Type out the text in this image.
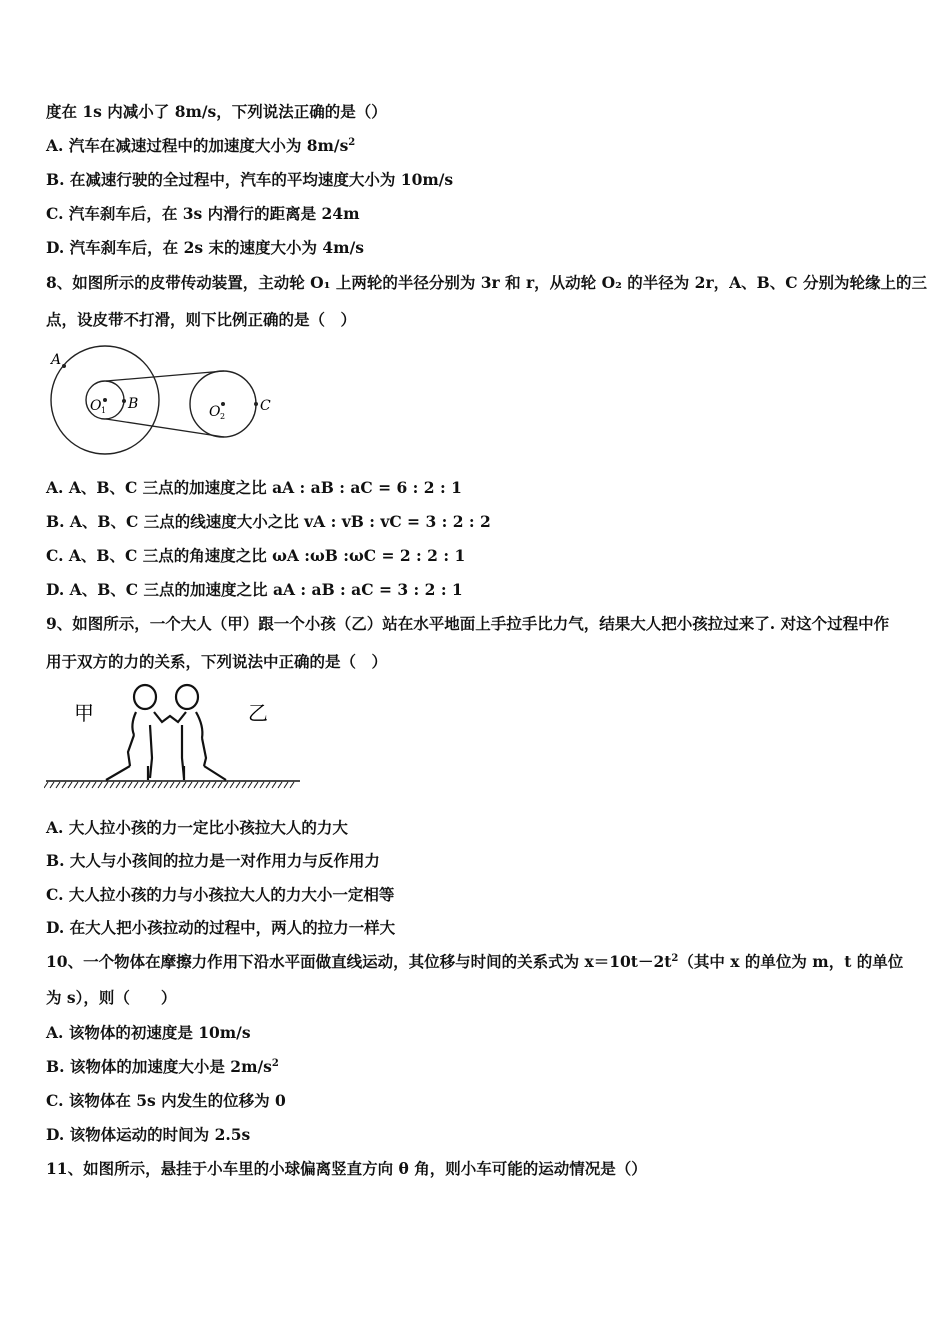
度在 1s 内减小了 8m/s，下列说法正确的是（）
A. 汽车在减速过程中的加速度大小为 $8m/s^2$
B. 在减速行驶的全过程中，汽车的平均速度大小为 10m/s
C. 汽车刹车后，在 3s 内滑行的距离是 24m
D. 汽车刹车后，在 2s 末的速度大小为 4m/s
8、如图所示的皮带传动装置，主动轮 O₁ 上两轮的半径分别为 3r 和 r，从动轮 O₂ 的半径为 2r，A、B、C 分别为轮缘上的三
点，设皮带不打滑，则下比例正确的是（　）
A
B	C
O 1	O 2
A. A、B、C 三点的加速度之比 aA : aB : aC = 6 : 2 : 1
B. A、B、C 三点的线速度大小之比 vA : vB : vC = 3 : 2 : 2
C. A、B、C 三点的角速度之比 ωA :ωB :ωC = 2 : 2 : 1
D. A、B、C 三点的加速度之比 aA : aB : aC = 3 : 2 : 1
9、如图所示，一个大人（甲）跟一个小孩（乙）站在水平地面上手拉手比力气，结果大人把小孩拉过来了. 对这个过程中作
用于双方的力的关系，下列说法中正确的是（　）
甲	乙
A. 大人拉小孩的力一定比小孩拉大人的力大
B. 大人与小孩间的拉力是一对作用力与反作用力
C. 大人拉小孩的力与小孩拉大人的力大小一定相等
D. 在大人把小孩拉动的过程中，两人的拉力一样大
10、一个物体在摩擦力作用下沿水平面做直线运动，其位移与时间的关系式为 $x=10t-2t^2$（其中 x 的单位为 m，t 的单位
为 s），则（　　）
A. 该物体的初速度是 10m/s
B. 该物体的加速度大小是 $2m/s^2$
C. 该物体在 5s 内发生的位移为 0
D. 该物体运动的时间为 2.5s
11、如图所示，悬挂于小车里的小球偏离竖直方向 θ 角，则小车可能的运动情况是（）
